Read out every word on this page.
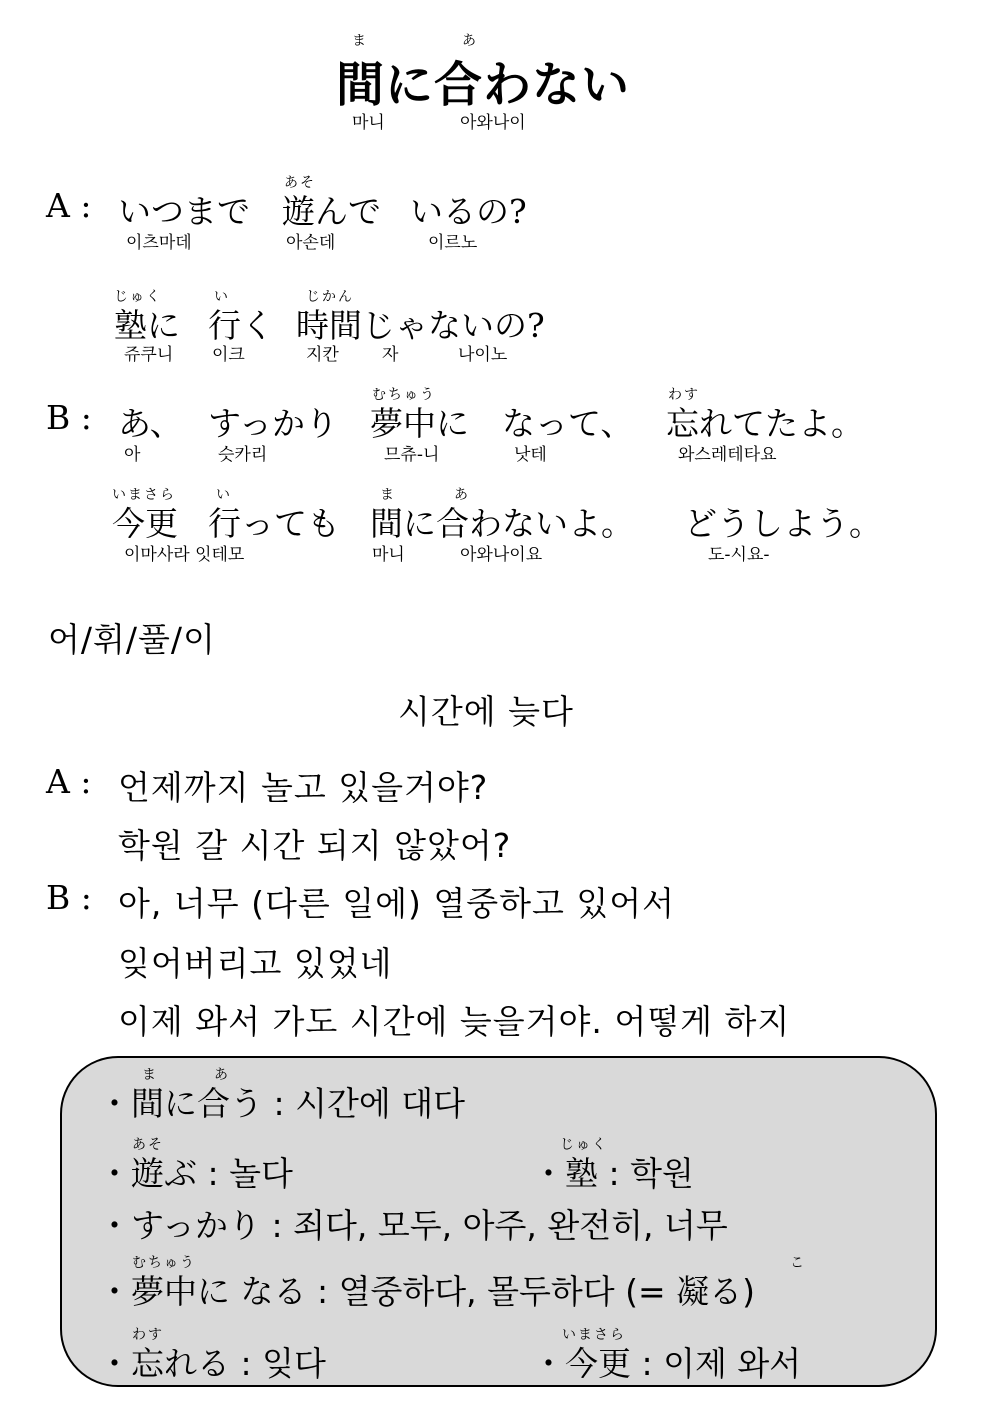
ま	あ
間に合わない
마니	아와나이
あそ
A : いつまで 遊んで いるの?
이츠마데	아손데	이르노
じゅく	い	じかん
塾に 行く 時間じゃないの?
쥬쿠니 이크	지칸	자	나이노
むちゅう	わす
B : あ、 すっかり 夢中に なって、 忘れてたよ。
아	슷카리	므츄-니	낫테	와스레테타요
いまさら	い	ま	あ
今更 行っても 間に合わないよ。 どうしよう。
이마사라 잇테모	마니	아와나이요	도-시요-
어/휘/풀/이
시간에 늦다
A : 언제까지 놀고 있을거야?
학원 갈 시간 되지 않았어?
B : 아, 너무 (다른 일에) 열중하고 있어서
잊어버리고 있었네
이제 와서 가도 시간에 늦을거야. 어떻게 하지
ま	あ
・間に合う : 시간에 대다
あそ
・遊ぶ : 놀다
じゅく
・塾 : 학원
・すっかり : 죄다, 모두, 아주, 완전히, 너무
むちゅう	こ
・夢中に なる : 열중하다, 몰두하다 (= 凝る)
わす
・忘れる : 잊다
いまさら
・今更 : 이제 와서
